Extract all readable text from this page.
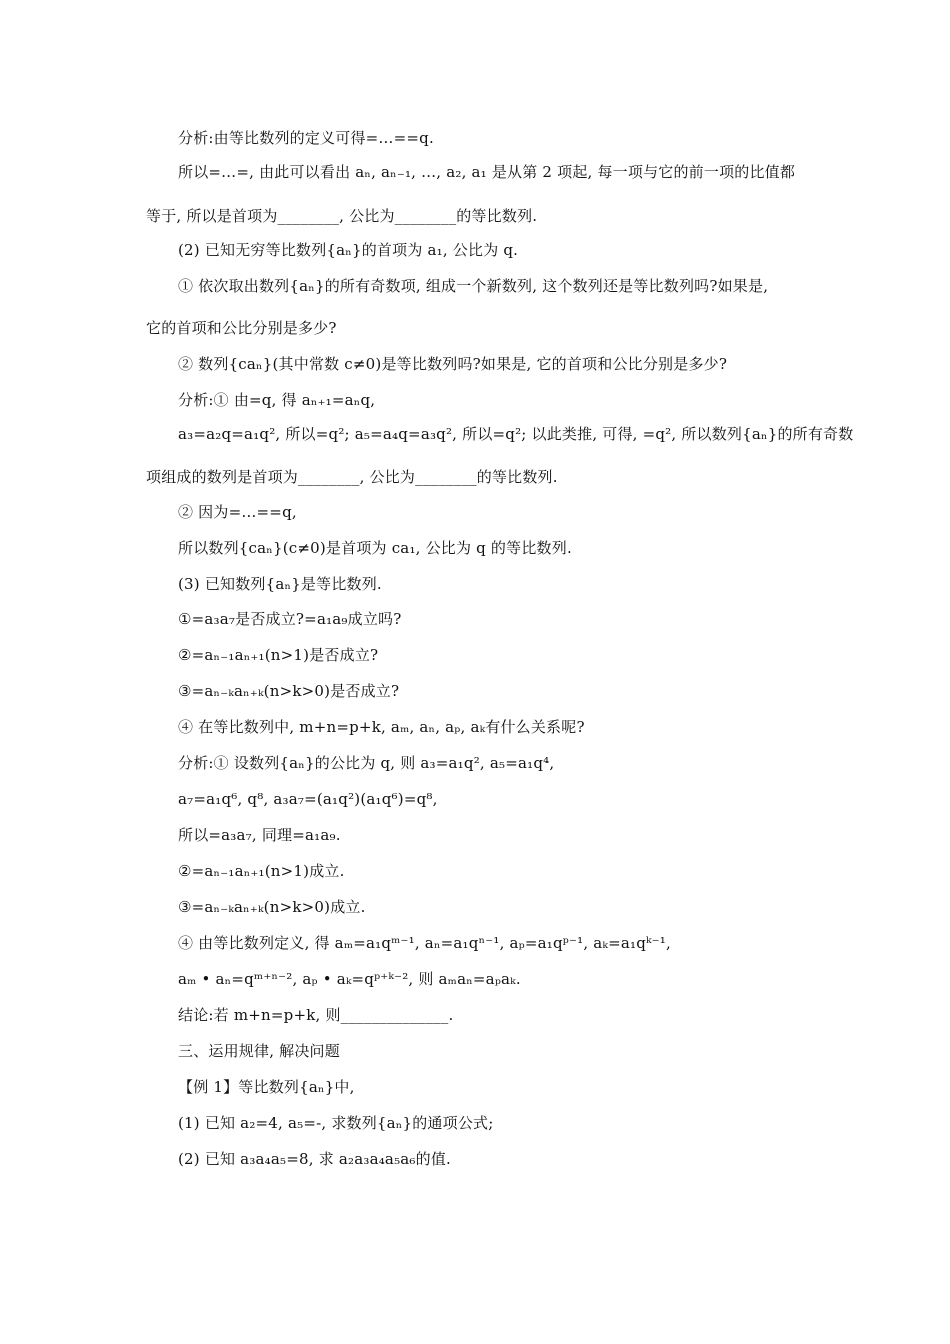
分析:由等比数列的定义可得=…==q.
所以=…=, 由此可以看出 aₙ, aₙ₋₁, …, a₂, a₁ 是从第 2 项起, 每一项与它的前一项的比值都
等于, 所以是首项为________, 公比为________的等比数列.
(2) 已知无穷等比数列{aₙ}的首项为 a₁, 公比为 q.
① 依次取出数列{aₙ}的所有奇数项, 组成一个新数列, 这个数列还是等比数列吗?如果是,
它的首项和公比分别是多少?
② 数列{caₙ}(其中常数 c≠0)是等比数列吗?如果是, 它的首项和公比分别是多少?
分析:① 由=q, 得 aₙ₊₁=aₙq,
a₃=a₂q=a₁q², 所以=q²; a₅=a₄q=a₃q², 所以=q²; 以此类推, 可得, =q², 所以数列{aₙ}的所有奇数
项组成的数列是首项为________, 公比为________的等比数列.
② 因为=…==q,
所以数列{caₙ}(c≠0)是首项为 ca₁, 公比为 q 的等比数列.
(3) 已知数列{aₙ}是等比数列.
①=a₃a₇是否成立?=a₁a₉成立吗?
②=aₙ₋₁aₙ₊₁(n>1)是否成立?
③=aₙ₋ₖaₙ₊ₖ(n>k>0)是否成立?
④ 在等比数列中, m+n=p+k, aₘ, aₙ, aₚ, aₖ有什么关系呢?
分析:① 设数列{aₙ}的公比为 q, 则 a₃=a₁q², a₅=a₁q⁴,
a₇=a₁q⁶, q⁸, a₃a₇=(a₁q²)(a₁q⁶)=q⁸,
所以=a₃a₇, 同理=a₁a₉.
②=aₙ₋₁aₙ₊₁(n>1)成立.
③=aₙ₋ₖaₙ₊ₖ(n>k>0)成立.
④ 由等比数列定义, 得 aₘ=a₁qᵐ⁻¹, aₙ=a₁qⁿ⁻¹, aₚ=a₁qᵖ⁻¹, aₖ=a₁qᵏ⁻¹,
aₘ • aₙ=qᵐ⁺ⁿ⁻², aₚ • aₖ=qᵖ⁺ᵏ⁻², 则 aₘaₙ=aₚaₖ.
结论:若 m+n=p+k, 则______________.
三、运用规律, 解决问题
【例 1】等比数列{aₙ}中,
(1) 已知 a₂=4, a₅=-, 求数列{aₙ}的通项公式;
(2) 已知 a₃a₄a₅=8, 求 a₂a₃a₄a₅a₆的值.
